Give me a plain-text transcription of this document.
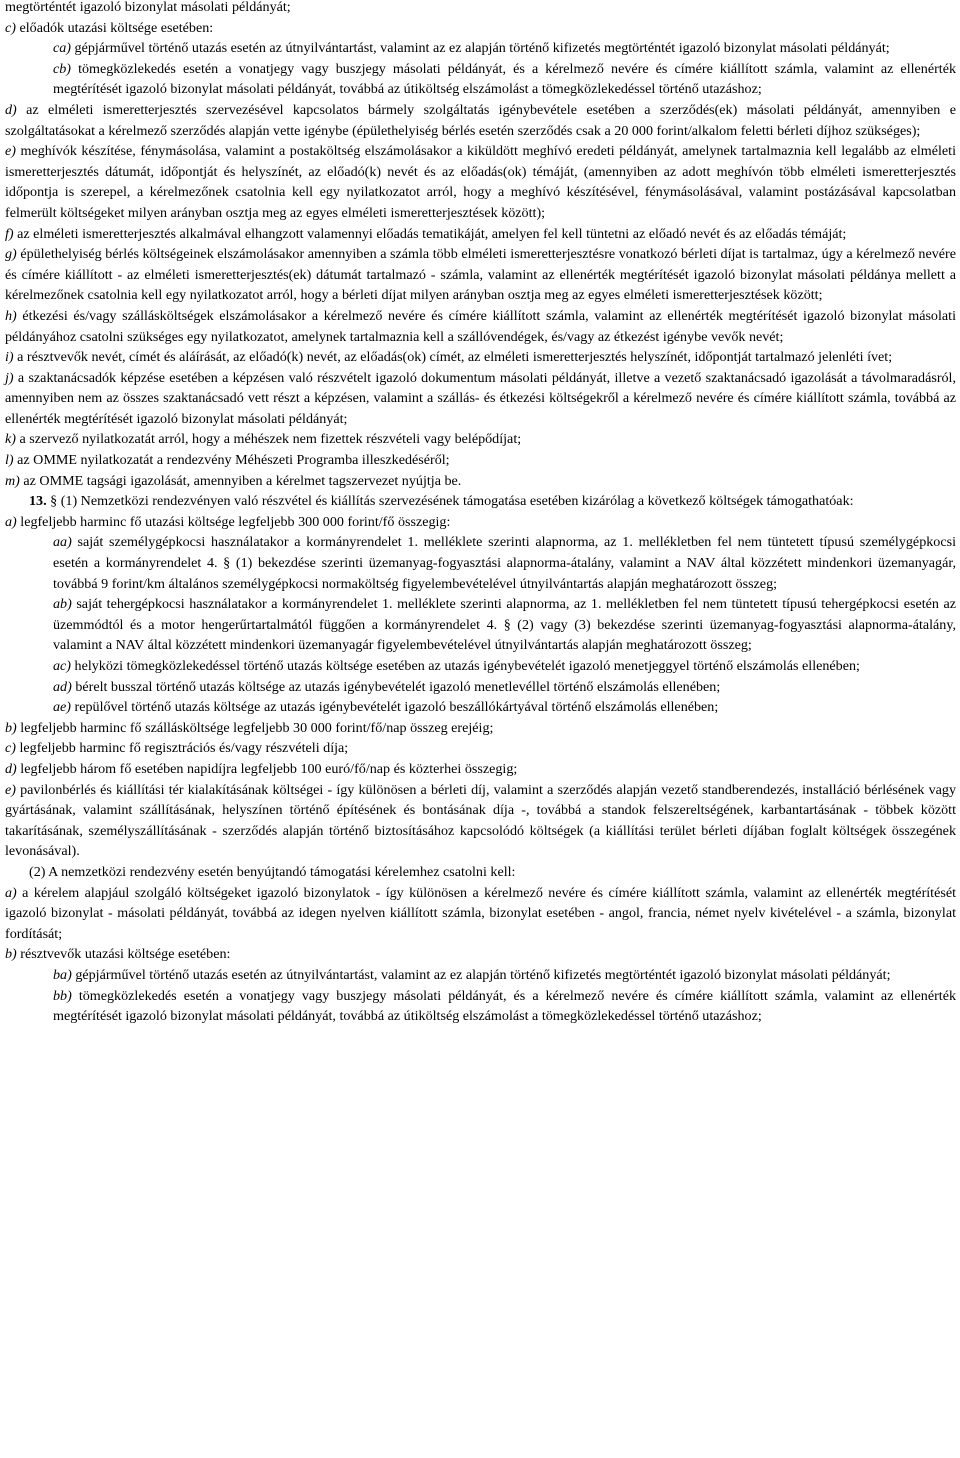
megtörténtét igazoló bizonylat másolati példányát;

c) előadók utazási költsége esetében:

ca) gépjárművel történő utazás esetén az útnyilvántartást, valamint az ez alapján történő kifizetés megtörténtét igazoló bizonylat másolati példányát;

cb) tömegközlekedés esetén a vonatjegy vagy buszjegy másolati példányát, és a kérelmező nevére és címére kiállított számla, valamint az ellenérték megtérítését igazoló bizonylat másolati példányát, továbbá az útiköltség elszámolást a tömegközlekedéssel történő utazáshoz;

d) az elméleti ismeretterjesztés szervezésével kapcsolatos bármely szolgáltatás igénybevétele esetében a szerződés(ek) másolati példányát, amennyiben e szolgáltatásokat a kérelmező szerződés alapján vette igénybe (épülethelyiség bérlés esetén szerződés csak a 20 000 forint/alkalom feletti bérleti díjhoz szükséges);

e) meghívók készítése, fénymásolása, valamint a postaköltség elszámolásakor a kiküldött meghívó eredeti példányát, amelynek tartalmaznia kell legalább az elméleti ismeretterjesztés dátumát, időpontját és helyszínét, az előadó(k) nevét és az előadás(ok) témáját, (amennyiben az adott meghívón több elméleti ismeretterjesztés időpontja is szerepel, a kérelmezőnek csatolnia kell egy nyilatkozatot arról, hogy a meghívó készítésével, fénymásolásával, valamint postázásával kapcsolatban felmerült költségeket milyen arányban osztja meg az egyes elméleti ismeretterjesztések között);

f) az elméleti ismeretterjesztés alkalmával elhangzott valamennyi előadás tematikáját, amelyen fel kell tüntetni az előadó nevét és az előadás témáját;

g) épülethelyiség bérlés költségeinek elszámolásakor amennyiben a számla több elméleti ismeretterjesztésre vonatkozó bérleti díjat is tartalmaz, úgy a kérelmező nevére és címére kiállított - az elméleti ismeretterjesztés(ek) dátumát tartalmazó - számla, valamint az ellenérték megtérítését igazoló bizonylat másolati példánya mellett a kérelmezőnek csatolnia kell egy nyilatkozatot arról, hogy a bérleti díjat milyen arányban osztja meg az egyes elméleti ismeretterjesztések között;

h) étkezési és/vagy szállásköltségek elszámolásakor a kérelmező nevére és címére kiállított számla, valamint az ellenérték megtérítését igazoló bizonylat másolati példányához csatolni szükséges egy nyilatkozatot, amelynek tartalmaznia kell a szállóvendégek, és/vagy az étkezést igénybe vevők nevét;

i) a résztvevők nevét, címét és aláírását, az előadó(k) nevét, az előadás(ok) címét, az elméleti ismeretterjesztés helyszínét, időpontját tartalmazó jelenléti ívet;

j) a szaktanácsadók képzése esetében a képzésen való részvételt igazoló dokumentum másolati példányát, illetve a vezető szaktanácsadó igazolását a távolmaradásról, amennyiben nem az összes szaktanácsadó vett részt a képzésen, valamint a szállás- és étkezési költségekről a kérelmező nevére és címére kiállított számla, továbbá az ellenérték megtérítését igazoló bizonylat másolati példányát;

k) a szervező nyilatkozatát arról, hogy a méhészek nem fizettek részvételi vagy belépődíjat;

l) az OMME nyilatkozatát a rendezvény Méhészeti Programba illeszkedéséről;

m) az OMME tagsági igazolását, amennyiben a kérelmet tagszervezet nyújtja be.

13. § (1) Nemzetközi rendezvényen való részvétel és kiállítás szervezésének támogatása esetében kizárólag a következő költségek támogathatóak:

a) legfeljebb harminc fő utazási költsége legfeljebb 300 000 forint/fő összegig:

aa) saját személygépkocsi használatakor a kormányrendelet 1. melléklete szerinti alapnorma, az 1. mellékletben fel nem tüntetett típusú személygépkocsi esetén a kormányrendelet 4. § (1) bekezdése szerinti üzemanyag-fogyasztási alapnorma-átalány, valamint a NAV által közzétett mindenkori üzemanyagár, továbbá 9 forint/km általános személygépkocsi normaköltség figyelembevételével útnyilvántartás alapján meghatározott összeg;

ab) saját tehergépkocsi használatakor a kormányrendelet 1. melléklete szerinti alapnorma, az 1. mellékletben fel nem tüntetett típusú tehergépkocsi esetén az üzemmódtól és a motor hengerűrtartalmától függően a kormányrendelet 4. § (2) vagy (3) bekezdése szerinti üzemanyag-fogyasztási alapnorma-átalány, valamint a NAV által közzétett mindenkori üzemanyagár figyelembevételével útnyilvántartás alapján meghatározott összeg;

ac) helyközi tömegközlekedéssel történő utazás költsége esetében az utazás igénybevételét igazoló menetjeggyel történő elszámolás ellenében;

ad) bérelt busszal történő utazás költsége az utazás igénybevételét igazoló menetlevéllel történő elszámolás ellenében;

ae) repülővel történő utazás költsége az utazás igénybevételét igazoló beszállókártyával történő elszámolás ellenében;

b) legfeljebb harminc fő szállásköltsége legfeljebb 30 000 forint/fő/nap összeg erejéig;

c) legfeljebb harminc fő regisztrációs és/vagy részvételi díja;

d) legfeljebb három fő esetében napidíjra legfeljebb 100 euró/fő/nap és közterhei összegig;

e) pavilonbérlés és kiállítási tér kialakításának költségei - így különösen a bérleti díj, valamint a szerződés alapján vezető standberendezés, installáció bérlésének vagy gyártásának, valamint szállításának, helyszínen történő építésének és bontásának díja -, továbbá a standok felszereltségének, karbantartásának - többek között takarításának, személyszállításának - szerződés alapján történő biztosításához kapcsolódó költségek (a kiállítási terület bérleti díjában foglalt költségek összegének levonásával).

(2) A nemzetközi rendezvény esetén benyújtandó támogatási kérelemhez csatolni kell:

a) a kérelem alapjául szolgáló költségeket igazoló bizonylatok - így különösen a kérelmező nevére és címére kiállított számla, valamint az ellenérték megtérítését igazoló bizonylat - másolati példányát, továbbá az idegen nyelven kiállított számla, bizonylat esetében - angol, francia, német nyelv kivételével - a számla, bizonylat fordítását;

b) résztvevők utazási költsége esetében:

ba) gépjárművel történő utazás esetén az útnyilvántartást, valamint az ez alapján történő kifizetés megtörténtét igazoló bizonylat másolati példányát;

bb) tömegközlekedés esetén a vonatjegy vagy buszjegy másolati példányát, és a kérelmező nevére és címére kiállított számla, valamint az ellenérték megtérítését igazoló bizonylat másolati példányát, továbbá az útiköltség elszámolást a tömegközlekedéssel történő utazáshoz;
